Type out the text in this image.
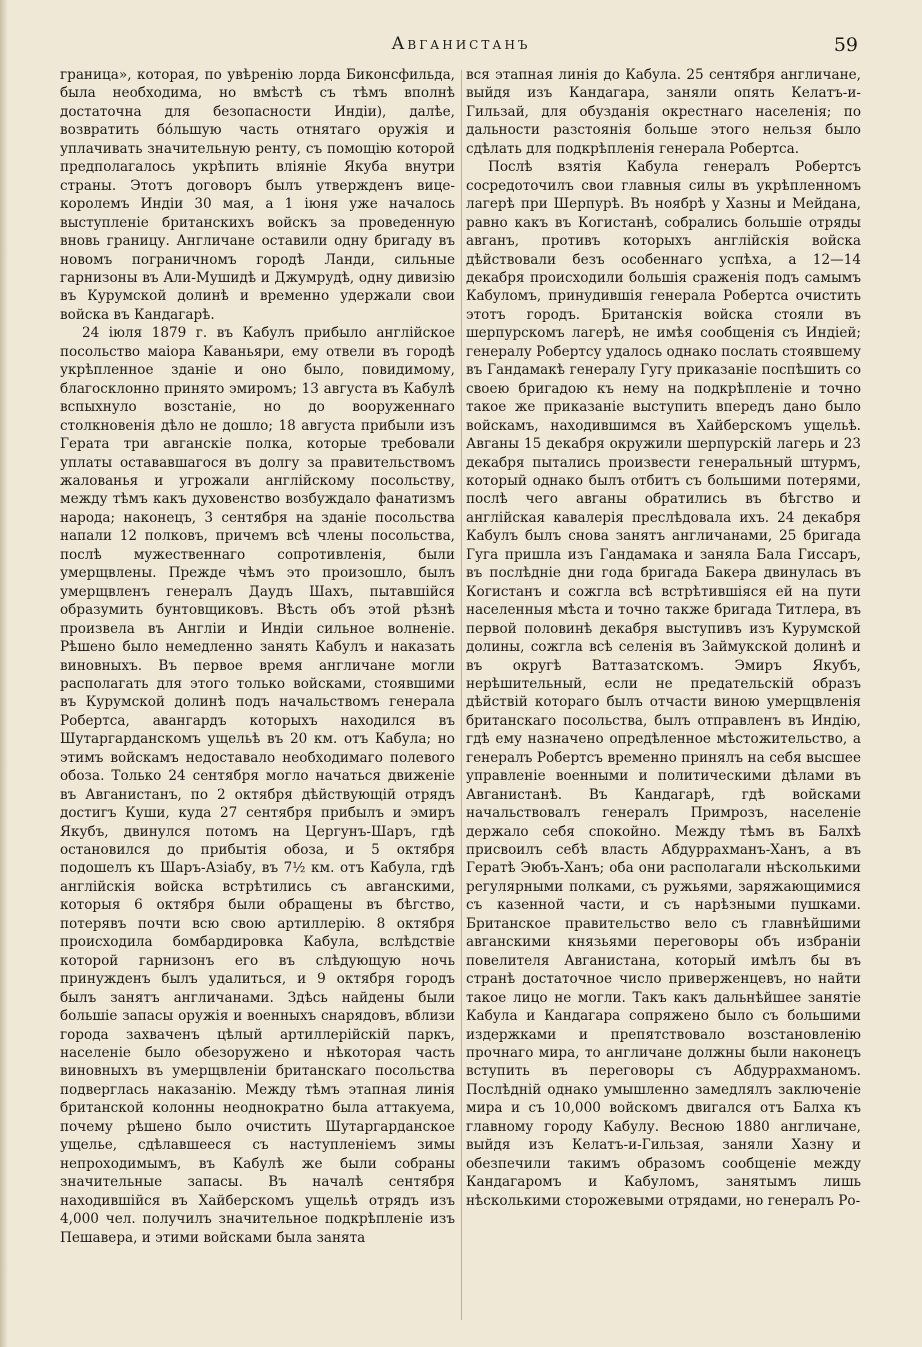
Авганистанъ	59

граница», которая, по увѣренію лорда Биконсфильда, была необходима, но вмѣстѣ съ тѣмъ вполнѣ достаточна для безопасности Индіи), далѣе, возвратить бо́льшую часть отнятаго оружія и уплачивать значительную ренту, съ помощію которой предполагалось укрѣпить вліяніе Якуба внутри страны. Этотъ договоръ былъ утвержденъ вице-королемъ Индіи 30 мая, а 1 іюня уже началось выступленіе британскихъ войскъ за проведенную вновь границу. Англичане оставили одну бригаду въ новомъ пограничномъ городѣ Ланди, сильные гарнизоны въ Али-Мушидѣ и Джумрудѣ, одну дивизію въ Курумской долинѣ и временно удержали свои войска въ Кандагарѣ.

24 іюля 1879 г. въ Кабулъ прибыло англійское посольство маіора Каваньяри, ему отвели въ городѣ укрѣпленное зданіе и оно было, повидимому, благосклонно принято эмиромъ; 13 августа въ Кабулѣ вспыхнуло возстаніе, но до вооруженнаго столкновенія дѣло не дошло; 18 августа прибыли изъ Герата три авганскіе полка, которые требовали уплаты остававшагося въ долгу за правительствомъ жалованья и угрожали англійскому посольству, между тѣмъ какъ духовенство возбуждало фанатизмъ народа; наконецъ, 3 сентября на зданіе посольства напали 12 полковъ, причемъ всѣ члены посольства, послѣ мужественнаго сопротивленія, были умерщвлены. Прежде чѣмъ это произошло, былъ умерщвленъ генералъ Даудъ Шахъ, пытавшійся образумить бунтовщиковъ. Вѣсть объ этой рѣзнѣ произвела въ Англіи и Индіи сильное волненіе. Рѣшено было немедленно занять Кабулъ и наказать виновныхъ. Въ первое время англичане могли располагать для этого только войсками, стоявшими въ Курумской долинѣ подъ начальствомъ генерала Робертса, авангардъ которыхъ находился въ Шутаргарданскомъ ущельѣ въ 20 км. отъ Кабула; но этимъ войскамъ недоставало необходимаго полевого обоза. Только 24 сентября могло начаться движеніе въ Авганистанъ, по 2 октября дѣйствующій отрядъ достигъ Куши, куда 27 сентября прибылъ и эмиръ Якубъ, двинулся потомъ на Цергунъ-Шаръ, гдѣ остановился до прибытія обоза, и 5 октября подошелъ къ Шаръ-Азіабу, въ 7½ км. отъ Кабула, гдѣ англійскія войска встрѣтились съ авганскими, которыя 6 октября были обращены въ бѣгство, потерявъ почти всю свою артиллерію. 8 октября происходила бомбардировка Кабула, вслѣдствіе которой гарнизонъ его въ слѣдующую ночь принужденъ былъ удалиться, и 9 октября городъ былъ занятъ англичанами. Здѣсь найдены были большіе запасы оружія и военныхъ снарядовъ, вблизи города захваченъ цѣлый артиллерійскій паркъ, населеніе было обезоружено и нѣкоторая часть виновныхъ въ умерщвленіи британскаго посольства подверглась наказанію. Между тѣмъ этапная линія британской колонны неоднократно была аттакуема, почему рѣшено было очистить Шутаргарданское ущелье, сдѣлавшееся съ наступленіемъ зимы непроходимымъ, въ Кабулѣ же были собраны значительные запасы. Въ началѣ сентября находившійся въ Хайберскомъ ущельѣ отрядъ изъ 4,000 чел. получилъ значительное подкрѣпленіе изъ Пешавера, и этими войсками была занята

вся этапная линія до Кабула. 25 сентября англичане, выйдя изъ Кандагара, заняли опять Келатъ-и-Гильзай, для обузданія окрестнаго населенія; по дальности разстоянія больше этого нельзя было сдѣлать для подкрѣпленія генерала Робертса.

Послѣ взятія Кабула генералъ Робертсъ сосредоточилъ свои главныя силы въ укрѣпленномъ лагерѣ при Шерпурѣ. Въ ноябрѣ у Хазны и Мейдана, равно какъ въ Когистанѣ, собрались большіе отряды авганъ, противъ которыхъ англійскія войска дѣйствовали безъ особеннаго успѣха, а 12—14 декабря происходили большія сраженія подъ самымъ Кабуломъ, принудившія генерала Робертса очистить этотъ городъ. Британскія войска стояли въ шерпурскомъ лагерѣ, не имѣя сообщенія съ Индіей; генералу Робертсу удалось однако послать стоявшему въ Гандамакѣ генералу Гугу приказаніе поспѣшить со своею бригадою къ нему на подкрѣпленіе и точно такое же приказаніе выступить впередъ дано было войскамъ, находившимся въ Хайберскомъ ущельѣ. Авганы 15 декабря окружили шерпурскій лагерь и 23 декабря пытались произвести генеральный штурмъ, который однако былъ отбитъ съ большими потерями, послѣ чего авганы обратились въ бѣгство и англійская кавалерія преслѣдовала ихъ. 24 декабря Кабулъ былъ снова занятъ англичанами, 25 бригада Гуга пришла изъ Гандамака и заняла Бала Гиссаръ, въ послѣдніе дни года бригада Бакера двинулась въ Когистанъ и сожгла всѣ встрѣтившіяся ей на пути населенныя мѣста и точно также бригада Титлера, въ первой половинѣ декабря выступивъ изъ Курумской долины, сожгла всѣ селенія въ Займукской долинѣ и въ округѣ Ваттазатскомъ. Эмиръ Якубъ, нерѣшительный, если не предательскій образъ дѣйствій котораго былъ отчасти виною умерщвленія британскаго посольства, былъ отправленъ въ Индію, гдѣ ему назначено опредѣленное мѣстожительство, а генералъ Робертсъ временно принялъ на себя высшее управленіе военными и политическими дѣлами въ Авганистанѣ. Въ Кандагарѣ, гдѣ войсками начальствовалъ генералъ Примрозъ, населеніе держало себя спокойно. Между тѣмъ въ Балхѣ присвоилъ себѣ власть Абдуррахманъ-Ханъ, а въ Гератѣ Эюбъ-Ханъ; оба они располагали нѣсколькими регулярными полками, съ ружьями, заряжающимися съ казенной части, и съ нарѣзными пушками. Британское правительство вело съ главнѣйшими авганскими князьями переговоры объ избраніи повелителя Авганистана, который имѣлъ бы въ странѣ достаточное число приверженцевъ, но найти такое лицо не могли. Такъ какъ дальнѣйшее занятіе Кабула и Кандагара сопряжено было съ большими издержками и препятствовало возстановленію прочнаго мира, то англичане должны были наконецъ вступить въ переговоры съ Абдуррахманомъ. Послѣдній однако умышленно замедлялъ заключеніе мира и съ 10,000 войскомъ двигался отъ Балха къ главному городу Кабулу. Весною 1880 англичане, выйдя изъ Келатъ-и-Гильзая, заняли Хазну и обезпечили такимъ образомъ сообщеніе между Кандагаромъ и Кабуломъ, занятымъ лишь нѣсколькими сторожевыми отрядами, но генералъ Ро-
